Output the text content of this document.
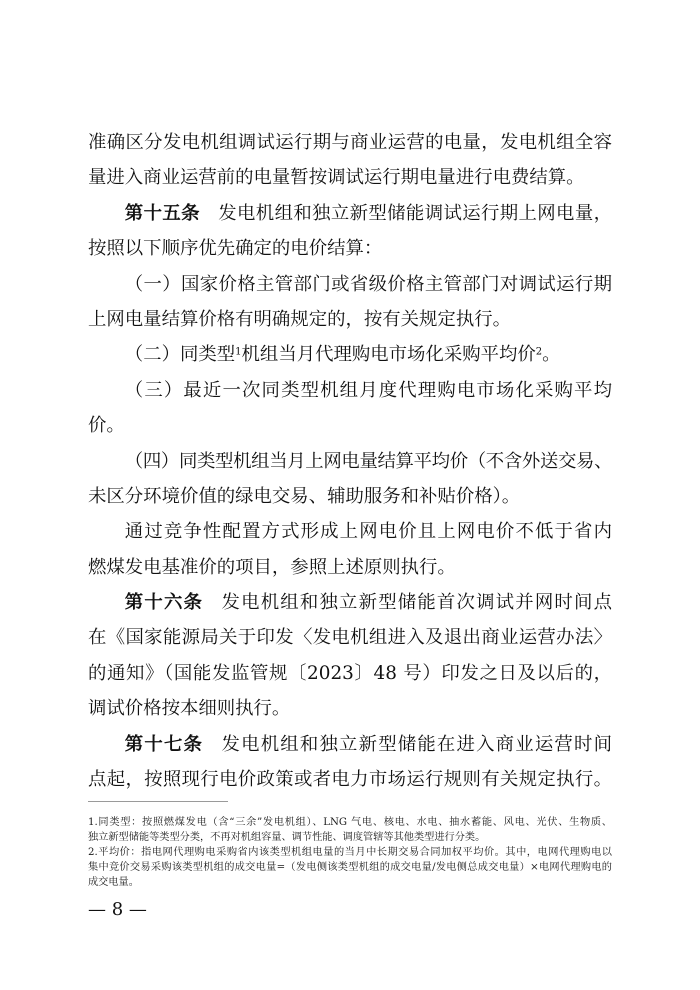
准确区分发电机组调试运行期与商业运营的电量，发电机组全容
量进入商业运营前的电量暂按调试运行期电量进行电费结算。
第十五条 发电机组和独立新型储能调试运行期上网电量，
按照以下顺序优先确定的电价结算：
（一）国家价格主管部门或省级价格主管部门对调试运行期
上网电量结算价格有明确规定的，按有关规定执行。
（二）同类型$^1$机组当月代理购电市场化采购平均价$^2$。
（三）最近一次同类型机组月度代理购电市场化采购平均
价。
（四）同类型机组当月上网电量结算平均价（不含外送交易、
未区分环境价值的绿电交易、辅助服务和补贴价格）。
通过竞争性配置方式形成上网电价且上网电价不低于省内
燃煤发电基准价的项目，参照上述原则执行。
第十六条 发电机组和独立新型储能首次调试并网时间点
在《国家能源局关于印发〈发电机组进入及退出商业运营办法〉
的通知》（国能发监管规〔2023〕48 号）印发之日及以后的，
调试价格按本细则执行。
第十七条 发电机组和独立新型储能在进入商业运营时间
点起，按照现行电价政策或者电力市场运行规则有关规定执行。
1.同类型：按照燃煤发电（含“三余”发电机组）、LNG 气电、核电、水电、抽水蓄能、风电、光伏、生物质、
独立新型储能等类型分类，不再对机组容量、调节性能、调度管辖等其他类型进行分类。
2.平均价：指电网代理购电采购省内该类型机组电量的当月中长期交易合同加权平均价。其中，电网代理购电以
集中竞价交易采购该类型机组的成交电量=（发电侧该类型机组的成交电量/发电侧总成交电量）×电网代理购电的
成交电量。
— 8 —
